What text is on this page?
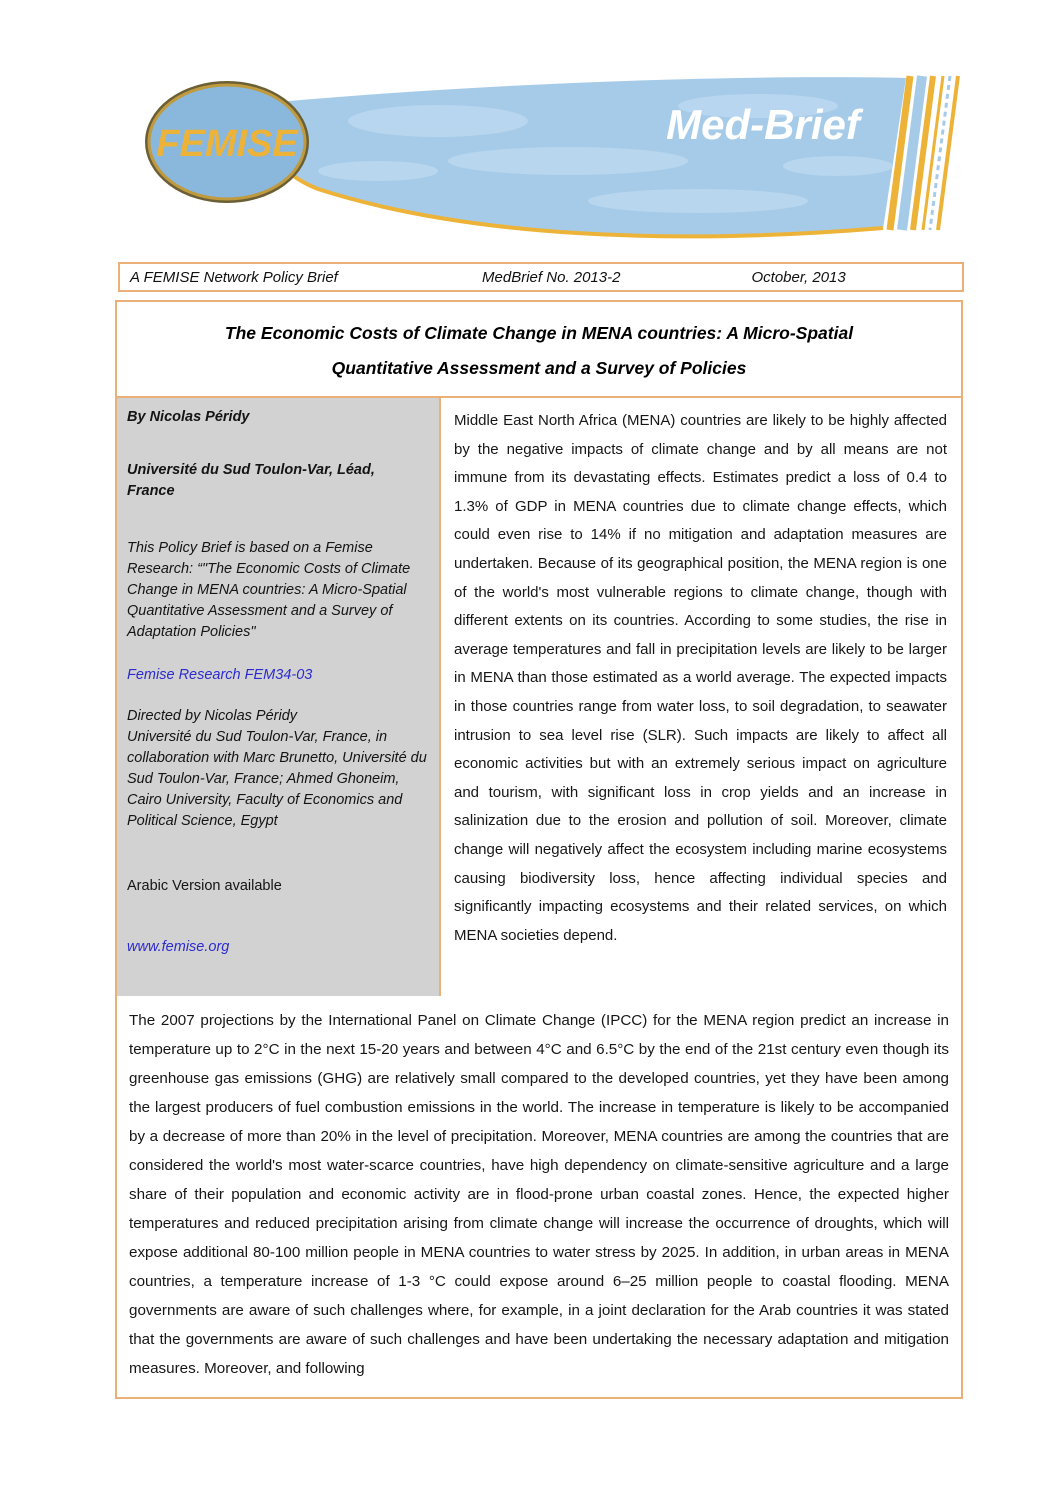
FEMISE	Med-Brief
A FEMISE Network Policy Brief	MedBrief No. 2013-2	October, 2013
The Economic Costs of Climate Change in MENA countries: A Micro-Spatial
Quantitative Assessment and a Survey of Policies
By Nicolas Péridy
Université du Sud Toulon-Var, Léad, France
This Policy Brief is based on a Femise Research: “"The Economic Costs of Climate Change in MENA countries: A Micro-Spatial Quantitative Assessment and a Survey of Adaptation Policies"
Femise Research FEM34-03
Directed by Nicolas Péridy
Université du Sud Toulon-Var, France, in collaboration with Marc Brunetto, Université du Sud Toulon-Var, France; Ahmed Ghoneim, Cairo University, Faculty of Economics and Political Science, Egypt
Arabic Version available
www.femise.org

Middle East North Africa (MENA) countries are likely to be highly affected by the negative impacts of climate change and by all means are not immune from its devastating effects. Estimates predict a loss of 0.4 to 1.3% of GDP in MENA countries due to climate change effects, which could even rise to 14% if no mitigation and adaptation measures are undertaken. Because of its geographical position, the MENA region is one of the world's most vulnerable regions to climate change, though with different extents on its countries. According to some studies, the rise in average temperatures and fall in precipitation levels are likely to be larger in MENA than those estimated as a world average. The expected impacts in those countries range from water loss, to soil degradation, to seawater intrusion to sea level rise (SLR). Such impacts are likely to affect all economic activities but with an extremely serious impact on agriculture and tourism, with significant loss in crop yields and an increase in salinization due to the erosion and pollution of soil. Moreover, climate change will negatively affect the ecosystem including marine ecosystems causing biodiversity loss, hence affecting individual species and significantly impacting ecosystems and their related services, on which MENA societies depend.

The 2007 projections by the International Panel on Climate Change (IPCC) for the MENA region predict an increase in temperature up to 2°C in the next 15-20 years and between 4°C and 6.5°C by the end of the 21st century even though its greenhouse gas emissions (GHG) are relatively small compared to the developed countries, yet they have been among the largest producers of fuel combustion emissions in the world. The increase in temperature is likely to be accompanied by a decrease of more than 20% in the level of precipitation. Moreover, MENA countries are among the countries that are considered the world's most water-scarce countries, have high dependency on climate-sensitive agriculture and a large share of their population and economic activity are in flood-prone urban coastal zones. Hence, the expected higher temperatures and reduced precipitation arising from climate change will increase the occurrence of droughts, which will expose additional 80-100 million people in MENA countries to water stress by 2025. In addition, in urban areas in MENA countries, a temperature increase of 1-3 °C could expose around 6–25 million people to coastal flooding. MENA governments are aware of such challenges where, for example, in a joint declaration for the Arab countries it was stated that the governments are aware of such challenges and have been undertaking the necessary adaptation and mitigation measures. Moreover, and following
